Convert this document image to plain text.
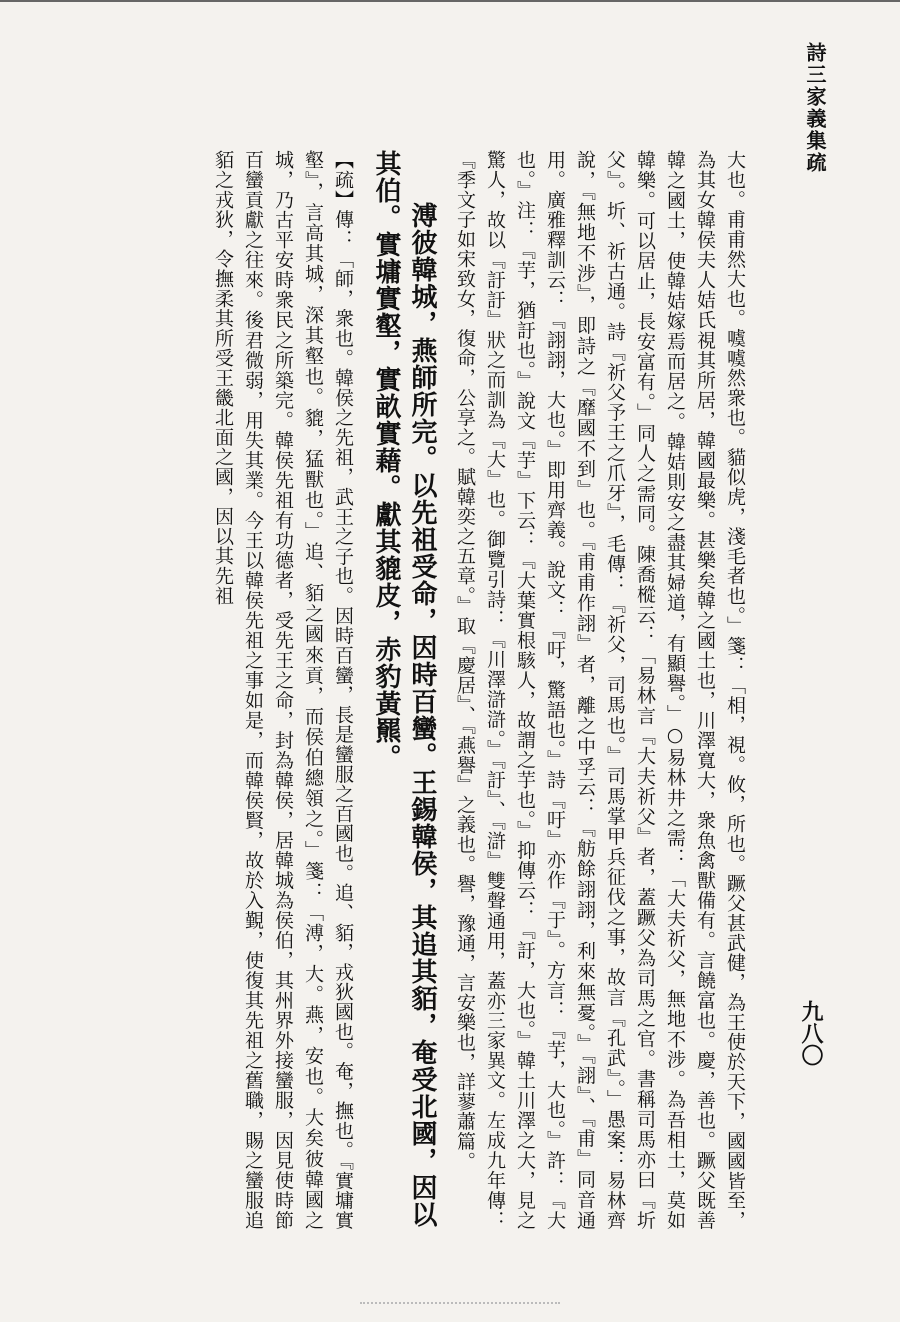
詩三家義集疏
九八〇

大也。甫甫然大也。噳噳然衆也。貓似虎，淺毛者也。」箋：「相，視。攸，所也。蹶父甚武健，為王使於天下，國國皆至，為其女韓侯夫人姞氏視其所居，韓國最樂。甚樂矣韓之國土也，川澤寬大，衆魚禽獸備有。言饒富也。慶，善也。蹶父既善韓之國土，使韓姞嫁焉而居之。韓姞則安之盡其婦道，有顯譽。」○易林井之需：「大夫祈父，無地不涉。為吾相土，莫如韓樂。可以居止，長安富有。」同人之需同。陳喬樅云：「易林言『大夫祈父』者，蓋蹶父為司馬之官。書稱司馬亦曰『圻父』。圻、祈古通。詩『祈父予王之爪牙』，毛傳：『祈父，司馬也。』司馬掌甲兵征伐之事，故言『孔武』。」愚案：易林齊說，『無地不涉』，即詩之『靡國不到』也。『甫甫作詡』者，離之中孚云：『舫餘詡詡，利來無憂。』『詡』、『甫』同音通用。廣雅釋訓云：『詡詡，大也。』即用齊義。說文：『吁，驚語也。』詩『吁』亦作『于』。方言：『芋，大也。』許：『大也。』注：『芋，猶訏也。』說文『芋』下云：『大葉實根駭人，故謂之芋也。』抑傳云：『訏，大也。』韓土川澤之大，見之驚人，故以『訏訏』狀之而訓為『大』也。御覽引詩：『川澤滸滸。』『訏』、『滸』雙聲通用，蓋亦三家異文。左成九年傳：『季文子如宋致女，復命，公享之。賦韓奕之五章。』取『慶居』、『燕譽』之義也。譽，豫通，言安樂也，詳蓼蕭篇。

溥彼韓城，燕師所完。以先祖受命，因時百蠻。王錫韓侯，其追其貊，奄受北國，因以其伯。實墉實壑，實畝實藉。獻其貔皮，赤豹黃羆。

【疏】傳：「師，衆也。韓侯之先祖，武王之子也。因時百蠻，長是蠻服之百國也。追、貊，戎狄國也。奄，撫也。『實墉實壑』，言高其城，深其壑也。貔，猛獸也。」追、貊之國來貢，而侯伯總領之。」箋：「溥，大。燕，安也。大矣彼韓國之城，乃古平安時衆民之所築完。韓侯先祖有功德者，受先王之命，封為韓侯，居韓城為侯伯，其州界外接蠻服，因見使時節百蠻貢獻之往來。後君微弱，用失其業。今王以韓侯先祖之事如是，而韓侯賢，故於入覲，使復其先祖之舊職，賜之蠻服追貊之戎狄，令撫柔其所受王畿北面之國，因以其先祖
